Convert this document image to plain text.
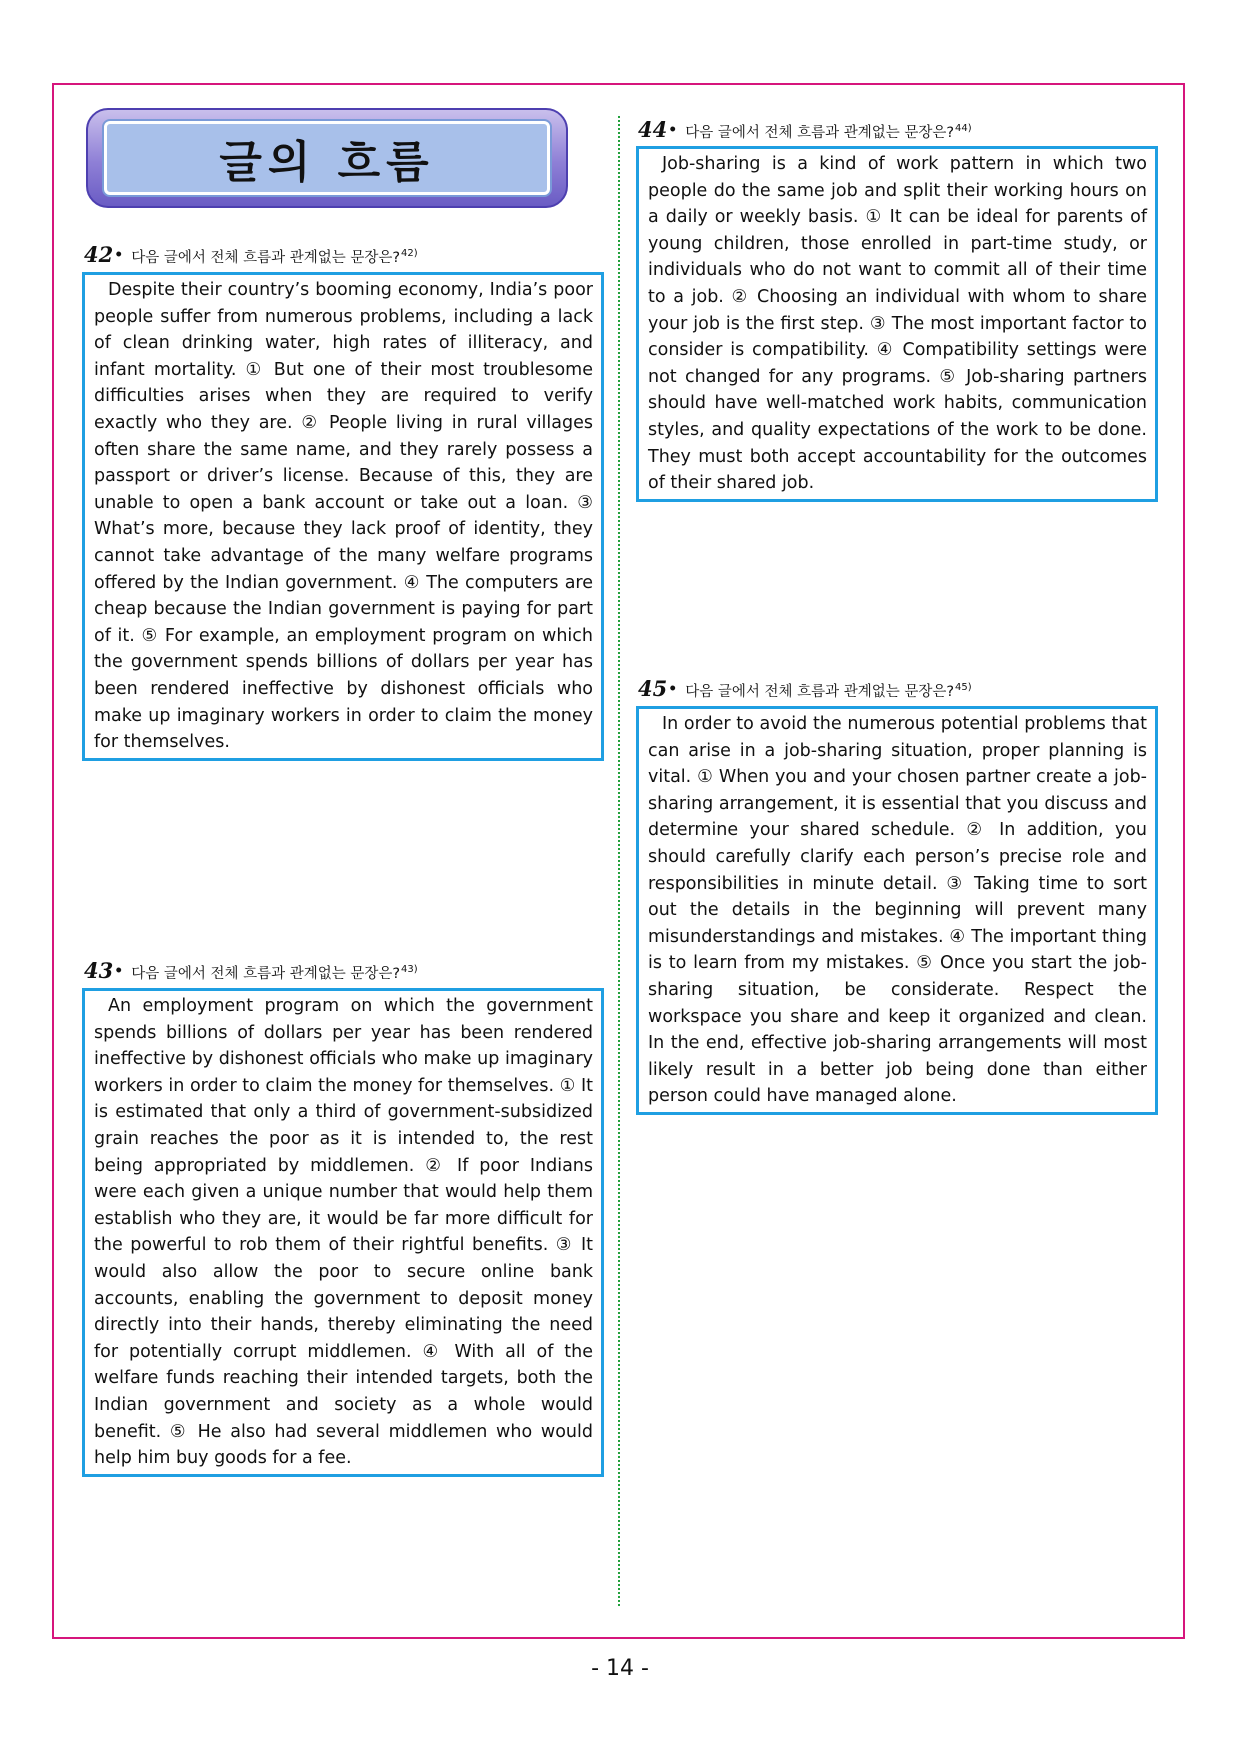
글의 흐름
42 •	다음 글에서 전체 흐름과 관계없는 문장은? 42)
Despite their country’s booming economy, India’s poor people suffer from numerous problems, including a lack of clean drinking water, high rates of illiteracy, and infant mortality. ① But one of their most troublesome difficulties arises when they are required to verify exactly who they are. ② People living in rural villages often share the same name, and they rarely possess a passport or driver’s license. Because of this, they are unable to open a bank account or take out a loan. ③ What’s more, because they lack proof of identity, they cannot take advantage of the many welfare programs offered by the Indian government. ④ The computers are cheap because the Indian government is paying for part of it. ⑤ For example, an employment program on which the government spends billions of dollars per year has been rendered ineffective by dishonest officials who make up imaginary workers in order to claim the money for themselves.
43 •	다음 글에서 전체 흐름과 관계없는 문장은? 43)
An employment program on which the government spends billions of dollars per year has been rendered ineffective by dishonest officials who make up imaginary workers in order to claim the money for themselves. ① It is estimated that only a third of government-subsidized grain reaches the poor as it is intended to, the rest being appropriated by middlemen. ② If poor Indians were each given a unique number that would help them establish who they are, it would be far more difficult for the powerful to rob them of their rightful benefits. ③ It would also allow the poor to secure online bank accounts, enabling the government to deposit money directly into their hands, thereby eliminating the need for potentially corrupt middlemen. ④ With all of the welfare funds reaching their intended targets, both the Indian government and society as a whole would benefit. ⑤ He also had several middlemen who would help him buy goods for a fee.
44 •	다음 글에서 전체 흐름과 관계없는 문장은? 44)
Job-sharing is a kind of work pattern in which two people do the same job and split their working hours on a daily or weekly basis. ① It can be ideal for parents of young children, those enrolled in part-time study, or individuals who do not want to commit all of their time to a job. ② Choosing an individual with whom to share your job is the first step. ③ The most important factor to consider is compatibility. ④ Compatibility settings were not changed for any programs. ⑤ Job-sharing partners should have well-matched work habits, communication styles, and quality expectations of the work to be done. They must both accept accountability for the outcomes of their shared job.
45 •	다음 글에서 전체 흐름과 관계없는 문장은? 45)
In order to avoid the numerous potential problems that can arise in a job-sharing situation, proper planning is vital. ① When you and your chosen partner create a job-sharing arrangement, it is essential that you discuss and determine your shared schedule. ② In addition, you should carefully clarify each person’s precise role and responsibilities in minute detail. ③ Taking time to sort out the details in the beginning will prevent many misunderstandings and mistakes. ④ The important thing is to learn from my mistakes. ⑤ Once you start the job-sharing situation, be considerate. Respect the workspace you share and keep it organized and clean. In the end, effective job-sharing arrangements will most likely result in a better job being done than either person could have managed alone.
- 14 -
